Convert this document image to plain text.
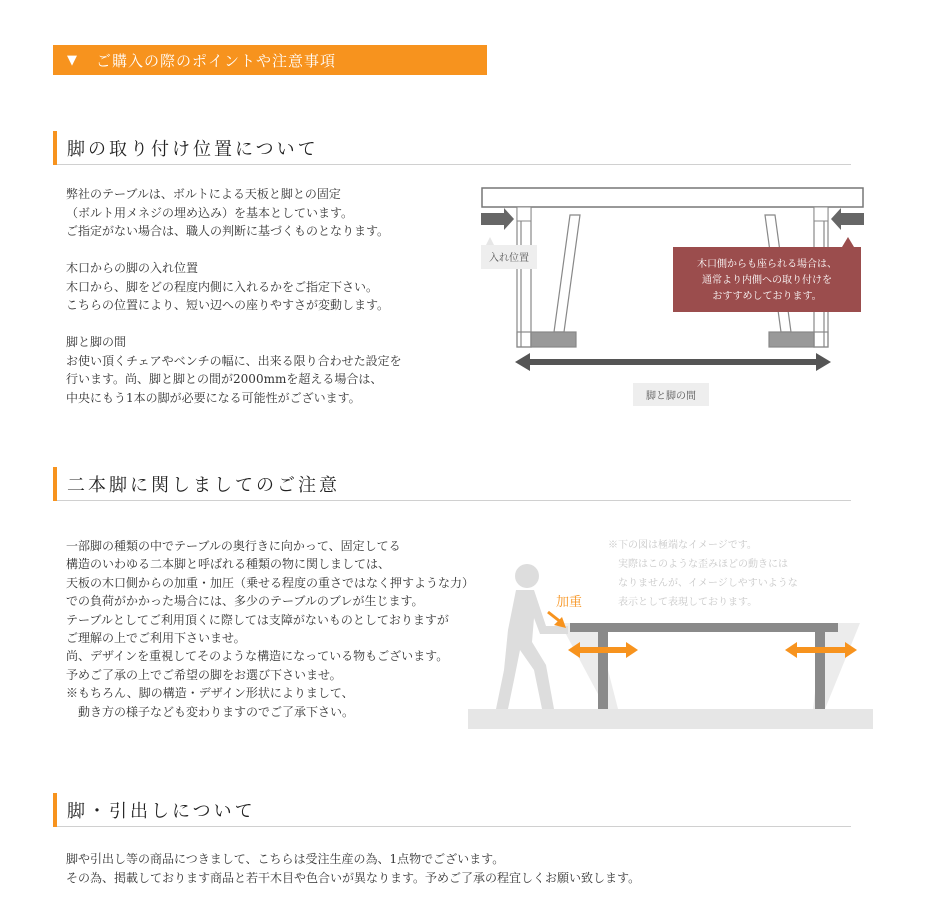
▼ ご購入の際のポイントや注意事項
脚の取り付け位置について
弊社のテーブルは、ボルトによる天板と脚との固定
（ボルト用メネジの埋め込み）を基本としています。
ご指定がない場合は、職人の判断に基づくものとなります。
木口からの脚の入れ位置
木口から、脚をどの程度内側に入れるかをご指定下さい。
こちらの位置により、短い辺への座りやすさが変動します。
脚と脚の間
お使い頂くチェアやベンチの幅に、出来る限り合わせた設定を
行います。尚、脚と脚との間が2000mmを超える場合は、
中央にもう1本の脚が必要になる可能性がございます。
入れ位置
木口側からも座られる場合は、
通常より内側への取り付けを
おすすめしております。
脚と脚の間
二本脚に関しましてのご注意
一部脚の種類の中でテーブルの奥行きに向かって、固定してる
構造のいわゆる二本脚と呼ばれる種類の物に関しましては、
天板の木口側からの加重・加圧（乗せる程度の重さではなく押すような力）
での負荷がかかった場合には、多少のテーブルのブレが生じます。
テーブルとしてご利用頂くに際しては支障がないものとしておりますが
ご理解の上でご利用下さいませ。
尚、デザインを重視してそのような構造になっている物もございます。
予めご了承の上でご希望の脚をお選び下さいませ。
※もちろん、脚の構造・デザイン形状によりまして、
　動き方の様子なども変わりますのでご了承下さい。
※下の図は極端なイメージです。
　実際はこのような歪みほどの動きには
　なりませんが、イメージしやすいような
　表示として表現しております。
加重
脚・引出しについて
脚や引出し等の商品につきまして、こちらは受注生産の為、1点物でございます。
その為、掲載しております商品と若干木目や色合いが異なります。予めご了承の程宜しくお願い致します。
